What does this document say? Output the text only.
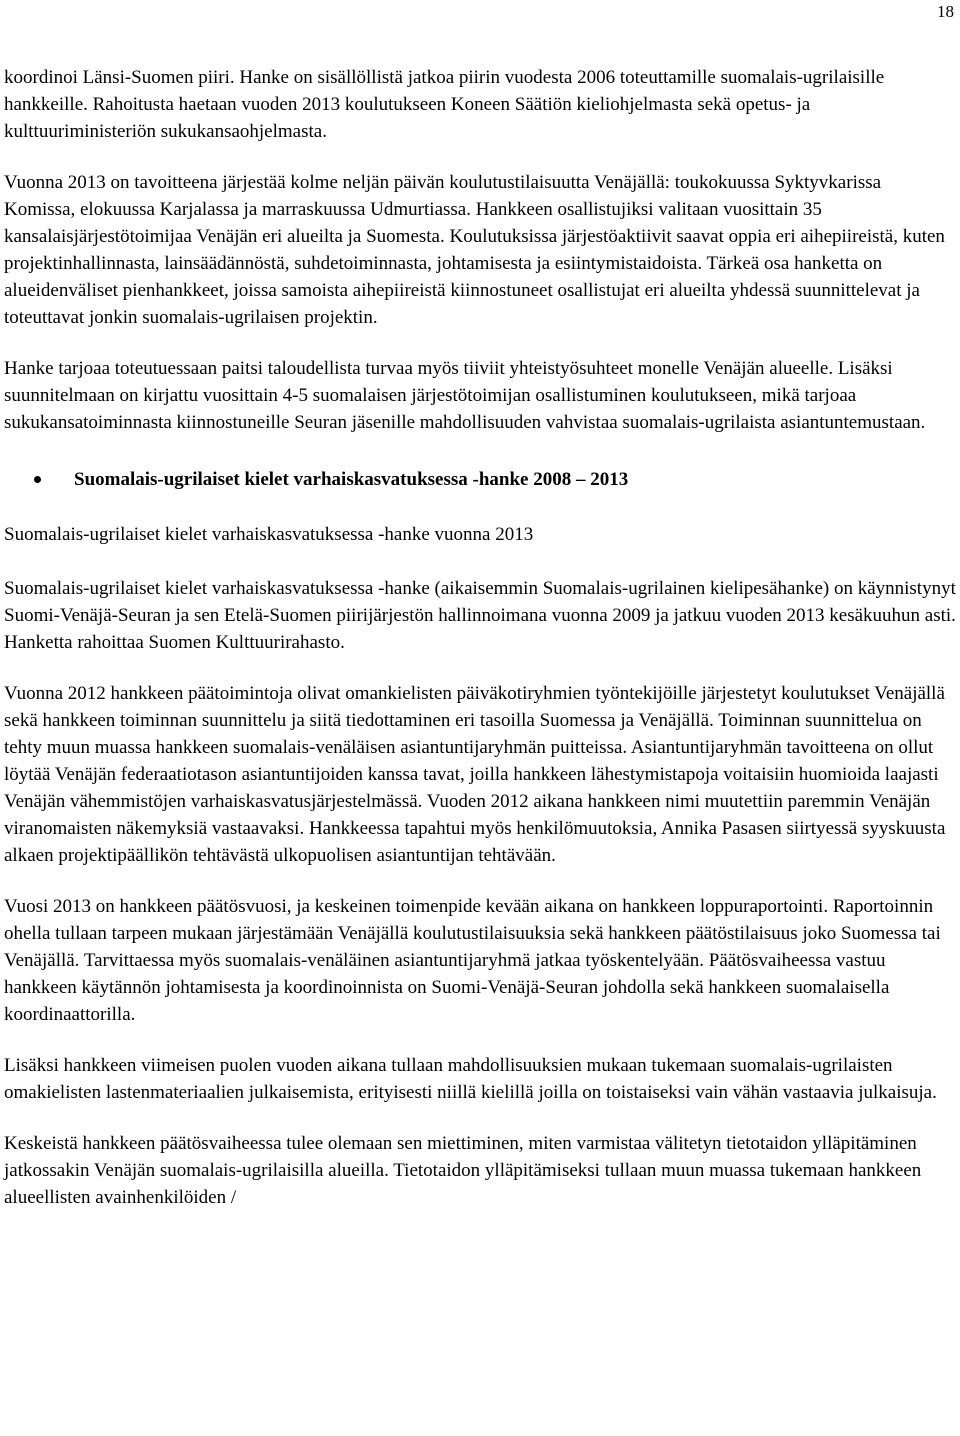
18

koordinoi Länsi-Suomen piiri. Hanke on sisällöllistä jatkoa piirin vuodesta 2006 toteuttamille suomalais-ugrilaisille hankkeille. Rahoitusta haetaan vuoden 2013 koulutukseen Koneen Säätiön kieliohjelmasta sekä opetus- ja kulttuuriministeriön sukukansaohjelmasta.

Vuonna 2013 on tavoitteena järjestää kolme neljän päivän koulutustilaisuutta Venäjällä: toukokuussa Syktyvkarissa Komissa, elokuussa Karjalassa ja marraskuussa Udmurtiassa. Hankkeen osallistujiksi valitaan vuosittain 35 kansalaisjärjestötoimijaa Venäjän eri alueilta ja Suomesta. Koulutuksissa järjestöaktiivit saavat oppia eri aihepiireistä, kuten projektinhallinnasta, lainsäädännöstä, suhdetoiminnasta, johtamisesta ja esiintymistaidoista. Tärkeä osa hanketta on alueidenväliset pienhankkeet, joissa samoista aihepiireistä kiinnostuneet osallistujat eri alueilta yhdessä suunnittelevat ja toteuttavat jonkin suomalais-ugrilaisen projektin.

Hanke tarjoaa toteutuessaan paitsi taloudellista turvaa myös tiiviit yhteistyösuhteet monelle Venäjän alueelle. Lisäksi suunnitelmaan on kirjattu vuosittain 4-5 suomalaisen järjestötoimijan osallistuminen koulutukseen, mikä tarjoaa sukukansatoiminnasta kiinnostuneille Seuran jäsenille mahdollisuuden vahvistaa suomalais-ugrilaista asiantuntemustaan.

Suomalais-ugrilaiset kielet varhaiskasvatuksessa -hanke 2008 – 2013

Suomalais-ugrilaiset kielet varhaiskasvatuksessa -hanke vuonna 2013

Suomalais-ugrilaiset kielet varhaiskasvatuksessa -hanke (aikaisemmin Suomalais-ugrilainen kielipesähanke) on käynnistynyt Suomi-Venäjä-Seuran ja sen Etelä-Suomen piirijärjestön hallinnoimana vuonna 2009 ja jatkuu vuoden 2013 kesäkuuhun asti. Hanketta rahoittaa Suomen Kulttuurirahasto.

Vuonna 2012 hankkeen päätoimintoja olivat omankielisten päiväkotiryhmien työntekijöille järjestetyt koulutukset Venäjällä sekä hankkeen toiminnan suunnittelu ja siitä tiedottaminen eri tasoilla Suomessa ja Venäjällä. Toiminnan suunnittelua on tehty muun muassa hankkeen suomalais-venäläisen asiantuntijaryhmän puitteissa. Asiantuntijaryhmän tavoitteena on ollut löytää Venäjän federaatiotason asiantuntijoiden kanssa tavat, joilla hankkeen lähestymistapoja voitaisiin huomioida laajasti Venäjän vähemmistöjen varhaiskasvatusjärjestelmässä. Vuoden 2012 aikana hankkeen nimi muutettiin paremmin Venäjän viranomaisten näkemyksiä vastaavaksi. Hankkeessa tapahtui myös henkilömuutoksia, Annika Pasasen siirtyessä syyskuusta alkaen projektipäällikön tehtävästä ulkopuolisen asiantuntijan tehtävään.

Vuosi 2013 on hankkeen päätösvuosi, ja keskeinen toimenpide kevään aikana on hankkeen loppuraportointi. Raportoinnin ohella tullaan tarpeen mukaan järjestämään Venäjällä koulutustilaisuuksia sekä hankkeen päätöstilaisuus joko Suomessa tai Venäjällä. Tarvittaessa myös suomalais-venäläinen asiantuntijaryhmä jatkaa työskentelyään. Päätösvaiheessa vastuu hankkeen käytännön johtamisesta ja koordinoinnista on Suomi-Venäjä-Seuran johdolla sekä hankkeen suomalaisella koordinaattorilla.

Lisäksi hankkeen viimeisen puolen vuoden aikana tullaan mahdollisuuksien mukaan tukemaan suomalais-ugrilaisten omakielisten lastenmateriaalien julkaisemista, erityisesti niillä kielillä joilla on toistaiseksi vain vähän vastaavia julkaisuja.

Keskeistä hankkeen päätösvaiheessa tulee olemaan sen miettiminen, miten varmistaa välitetyn tietotaidon ylläpitäminen jatkossakin Venäjän suomalais-ugrilaisilla alueilla. Tietotaidon ylläpitämiseksi tullaan muun muassa tukemaan hankkeen alueellisten avainhenkilöiden /
